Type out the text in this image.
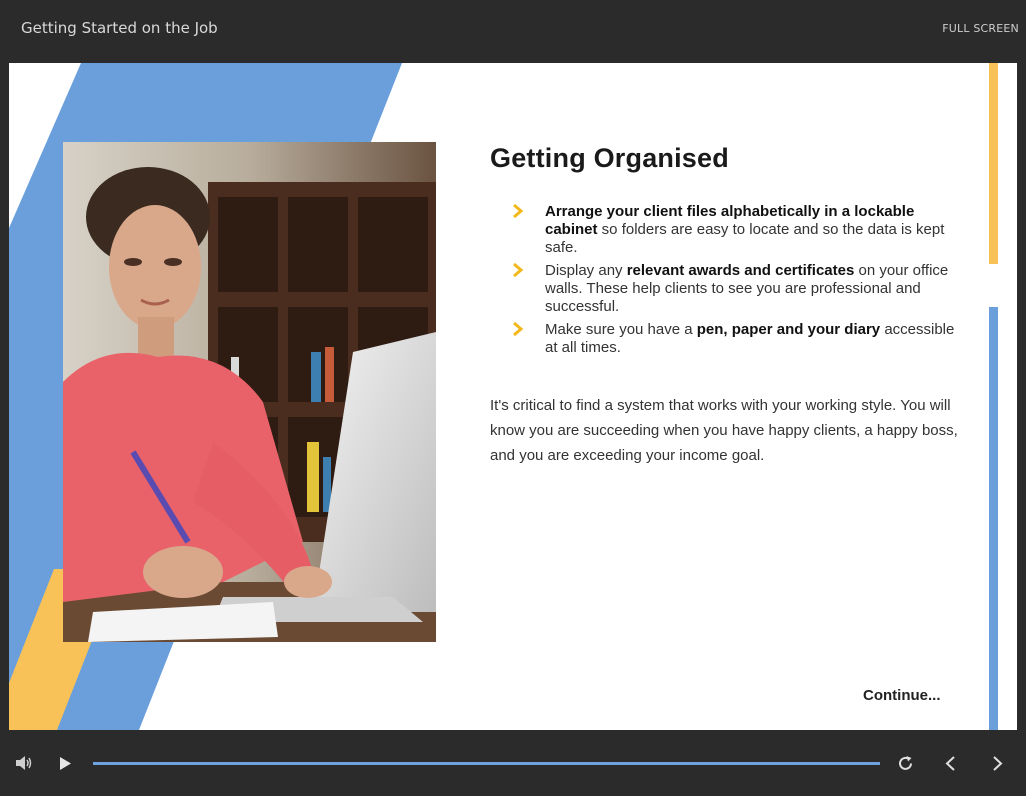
Getting Started on the Job	FULL SCREEN
Getting Organised
Arrange your client files alphabetically in a lockable cabinet so folders are easy to locate and so the data is kept safe.
Display any relevant awards and certificates on your office walls. These help clients to see you are professional and successful.
Make sure you have a pen, paper and your diary accessible at all times.

It's critical to find a system that works with your working style. You will know you are succeeding when you have happy clients, a happy boss, and you are exceeding your income goal.

Continue...
